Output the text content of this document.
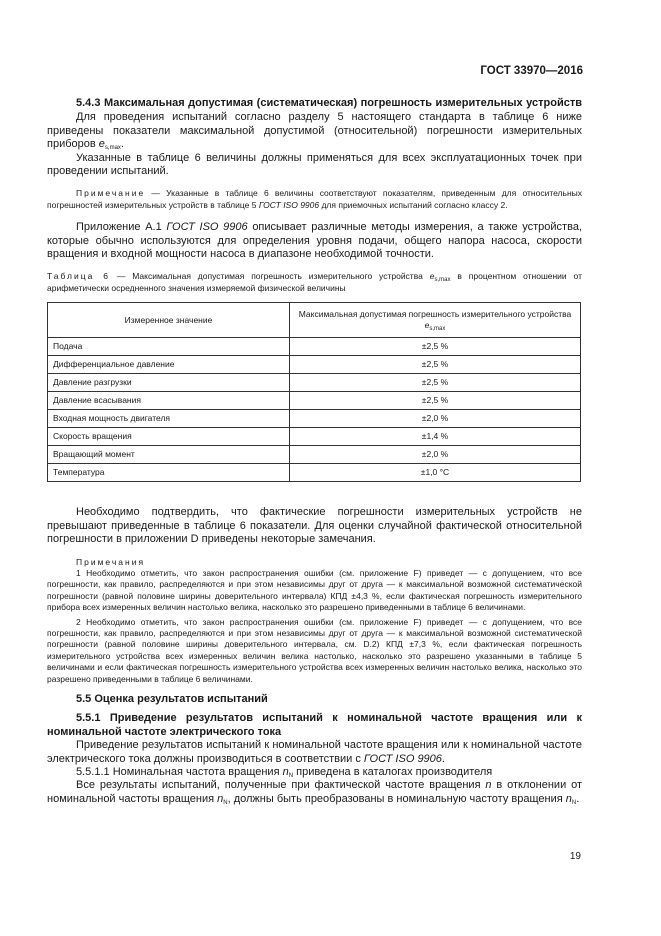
ГОСТ 33970—2016

5.4.3 Максимальная допустимая (систематическая) погрешность измерительных устройств

Для проведения испытаний согласно разделу 5 настоящего стандарта в таблице 6 ниже приведены показатели максимальной допустимой (относительной) погрешности измерительных приборов $e_{s,max}$.

Указанные в таблице 6 величины должны применяться для всех эксплуатационных точек при проведении испытаний.

Примечание — Указанные в таблице 6 величины соответствуют показателям, приведенным для относительных погрешностей измерительных устройств в таблице 5 ГОСТ ISO 9906 для приемочных испытаний согласно классу 2.

Приложение А.1 ГОСТ ISO 9906 описывает различные методы измерения, а также устройства, которые обычно используются для определения уровня подачи, общего напора насоса, скорости вращения и входной мощности насоса в диапазоне необходимой точности.

Таблица 6 — Максимальная допустимая погрешность измерительного устройства $e_{s,max}$ в процентном отношении от арифметически осредненного значения измеряемой физической величины

Измеренное значение	Максимальная допустимая погрешность измерительного устройства $e_{s,max}$
Подача	±2,5 %
Дифференциальное давление	±2,5 %
Давление разгрузки	±2,5 %
Давление всасывания	±2,5 %
Входная мощность двигателя	±2,0 %
Скорость вращения	±1,4 %
Вращающий момент	±2,0 %
Температура	±1,0 °С

Необходимо подтвердить, что фактические погрешности измерительных устройств не превышают приведенные в таблице 6 показатели. Для оценки случайной фактической относительной погрешности в приложении D приведены некоторые замечания.

Примечания

1 Необходимо отметить, что закон распространения ошибки (см. приложение F) приведет — с допущением, что все погрешности, как правило, распределяются и при этом независимы друг от друга — к максимальной возможной систематической погрешности (равной половине ширины доверительного интервала) КПД ±4,3 %, если фактическая погрешность измерительного прибора всех измеренных величин настолько велика, насколько это разрешено приведенными в таблице 6 величинами.

2 Необходимо отметить, что закон распространения ошибки (см. приложение F) приведет — с допущением, что все погрешности, как правило, распределяются и при этом независимы друг от друга — к максимальной возможной систематической погрешности (равной половине ширины доверительного интервала, см. D.2) КПД ±7,3 %, если фактическая погрешность измерительного устройства всех измеренных величин велика настолько, насколько это разрешено указанными в таблице 5 величинами и если фактическая погрешность измерительного устройства всех измеренных величин настолько велика, насколько это разрешено приведенными в таблице 6 величинами.

5.5 Оценка результатов испытаний

5.5.1 Приведение результатов испытаний к номинальной частоте вращения или к номинальной частоте электрического тока

Приведение результатов испытаний к номинальной частоте вращения или к номинальной частоте электрического тока должны производиться в соответствии с ГОСТ ISO 9906.

5.5.1.1 Номинальная частота вращения $n_N$ приведена в каталогах производителя

Все результаты испытаний, полученные при фактической частоте вращения n в отклонении от номинальной частоты вращения $n_N$, должны быть преобразованы в номинальную частоту вращения $n_N$.

19
